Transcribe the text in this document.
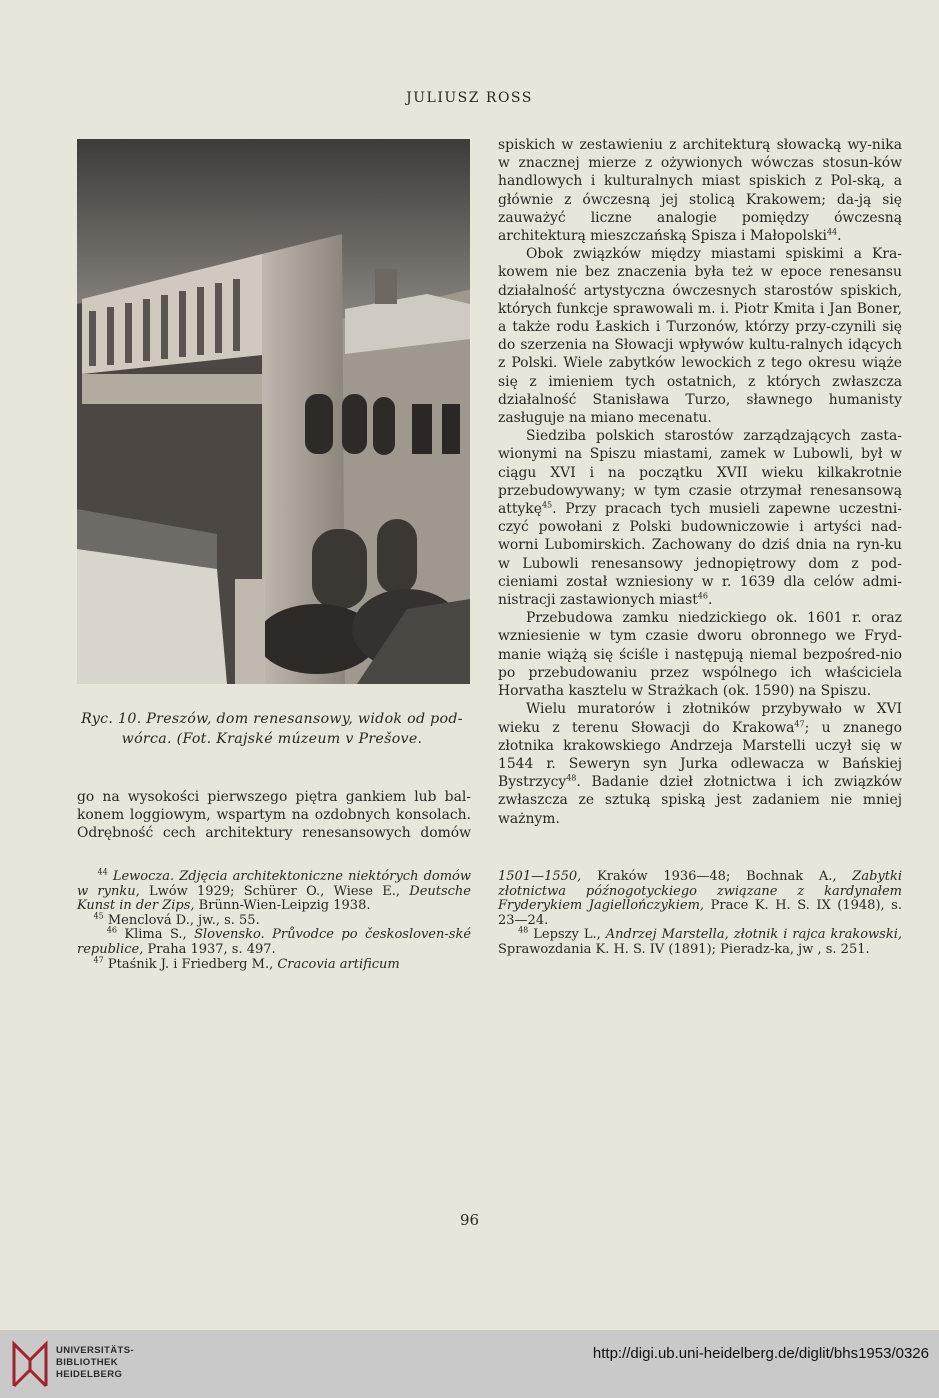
JULIUSZ ROSS
Ryc. 10. Preszów, dom renesansowy, widok od pod-
wórca. (Fot. Krajské múzeum v Prešove.
go na wysokości pierwszego piętra gankiem lub bal-
konem loggiowym, wspartym na ozdobnych konsolach.
Odrębność cech architektury renesansowych domów

spiskich w zestawieniu z architekturą słowacką wy-nika w znacznej mierze z ożywionych wówczas stosun-ków handlowych i kulturalnych miast spiskich z Pol-ską, a głównie z ówczesną jej stolicą Krakowem; da-ją się zauważyć liczne analogie pomiędzy ówczesną architekturą mieszczańską Spisza i Małopolski$^{44}$.

Obok związków między miastami spiskimi a Kra-kowem nie bez znaczenia była też w epoce renesansu działalność artystyczna ówczesnych starostów spiskich, których funkcje sprawowali m. i. Piotr Kmita i Jan Boner, a także rodu Łaskich i Turzonów, którzy przy-czynili się do szerzenia na Słowacji wpływów kultu-ralnych idących z Polski. Wiele zabytków lewockich z tego okresu wiąże się z imieniem tych ostatnich, z których zwłaszcza działalność Stanisława Turzo, sławnego humanisty zasługuje na miano mecenatu.

Siedziba polskich starostów zarządzających zasta-wionymi na Spiszu miastami, zamek w Lubowli, był w ciągu XVI i na początku XVII wieku kilkakrotnie przebudowywany; w tym czasie otrzymał renesansową attykę$^{45}$. Przy pracach tych musieli zapewne uczestni-czyć powołani z Polski budowniczowie i artyści nad-worni Lubomirskich. Zachowany do dziś dnia na ryn-ku w Lubowli renesansowy jednopiętrowy dom z pod-cieniami został wzniesiony w r. 1639 dla celów admi-nistracji zastawionych miast$^{46}$.

Przebudowa zamku niedzickiego ok. 1601 r. oraz wzniesienie w tym czasie dworu obronnego we Fryd-manie wiążą się ściśle i następują niemal bezpośred-nio po przebudowaniu przez wspólnego ich właściciela Horvatha kasztelu w Strażkach (ok. 1590) na Spiszu.

Wielu muratorów i złotników przybywało w XVI wieku z terenu Słowacji do Krakowa$^{47}$; u znanego złotnika krakowskiego Andrzeja Marstelli uczył się w 1544 r. Seweryn syn Jurka odlewacza w Bańskiej Bystrzycy$^{48}$. Badanie dzieł złotnictwa i ich związków zwłaszcza ze sztuką spiską jest zadaniem nie mniej ważnym.

$^{44}$ Lewocza. Zdjęcia architektoniczne niektórych domów w rynku, Lwów 1929; Schürer O., Wiese E., Deutsche Kunst in der Zips, Brünn-Wien-Leipzig 1938.

$^{45}$ Menclová D., jw., s. 55.

$^{46}$ Klima S., Slovensko. Průvodce po českosloven-ské republice, Praha 1937, s. 497.

$^{47}$ Ptaśnik J. i Friedberg M., Cracovia artificum

1501—1550, Kraków 1936—48; Bochnak A., Zabytki złotnictwa późnogotyckiego związane z kardynałem Fryderykiem Jagiellończykiem, Prace K. H. S. IX (1948), s. 23—24.

$^{48}$ Lepszy L., Andrzej Marstella, złotnik i rajca krakowski, Sprawozdania K. H. S. IV (1891); Pieradz-ka, jw , s. 251.

96
UNIVERSITÄTS-
BIBLIOTHEK
HEIDELBERG
http://digi.ub.uni-heidelberg.de/diglit/bhs1953/0326
